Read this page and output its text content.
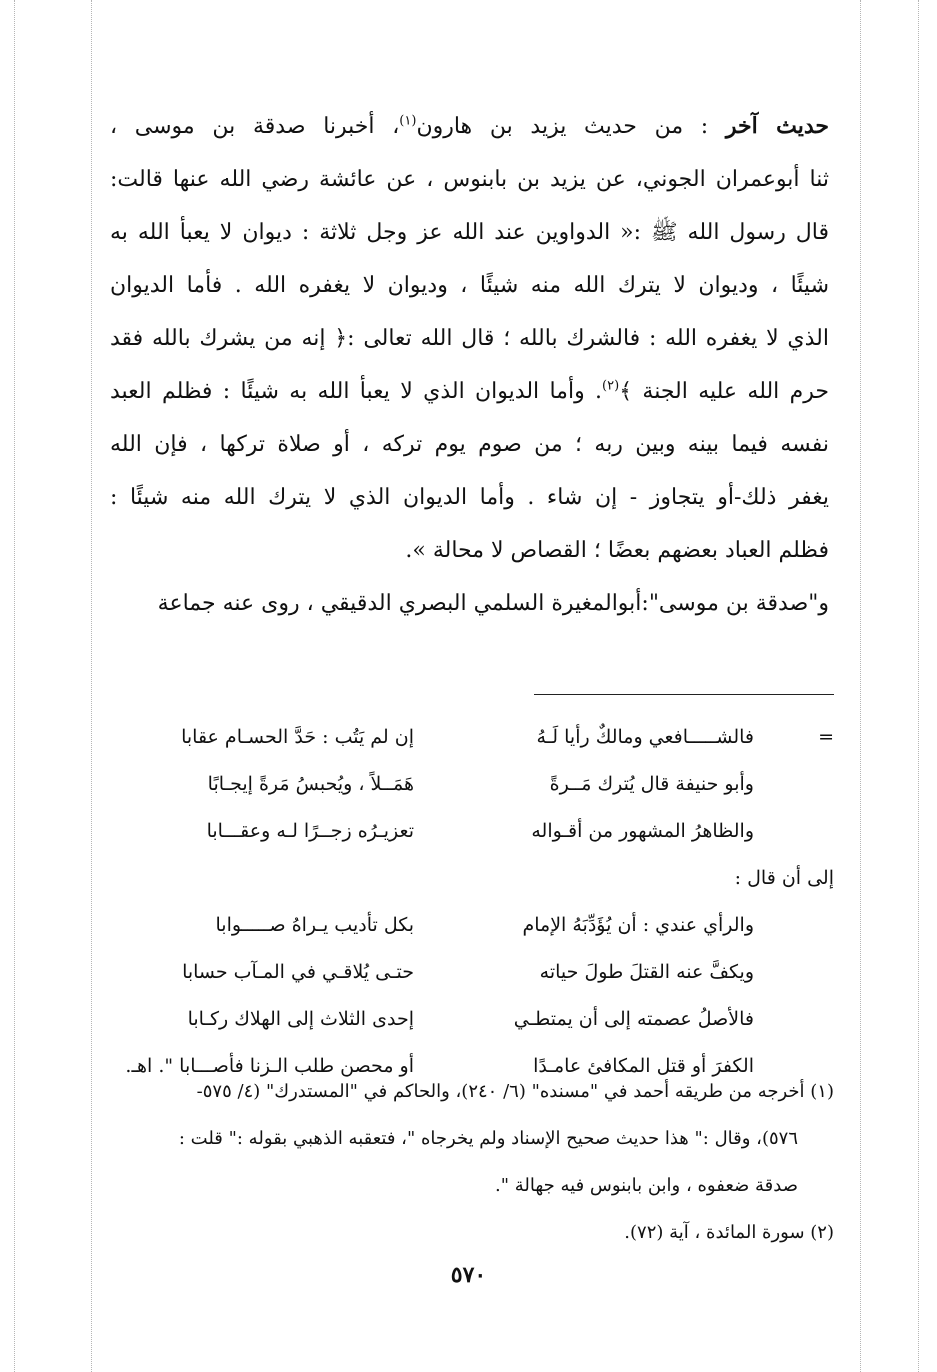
حديث آخر : من حديث يزيد بن هارون$^{(١)}$، أخبرنا صدقة بن موسى ،
ثنا أبوعمران الجوني، عن يزيد بن بابنوس ، عن عائشة رضي الله عنها قالت:
قال رسول الله ﷺ :« الدواوين عند الله عز وجل ثلاثة : ديوان لا يعبأ الله به
شيئًا ، وديوان لا يترك الله منه شيئًا ، وديوان لا يغفره الله . فأما الديوان
الذي لا يغفره الله : فالشرك بالله ؛ قال الله تعالى :﴿ إنه من يشرك بالله فقد
حرم الله عليه الجنة ﴾$^{(٢)}$. وأما الديوان الذي لا يعبأ الله به شيئًا : فظلم العبد
نفسه فيما بينه وبين ربه ؛ من صوم يوم تركه ، أو صلاة تركها ، فإن الله
يغفر ذلك-أو يتجاوز - إن شاء . وأما الديوان الذي لا يترك الله منه شيئًا :
فظلم العباد بعضهم بعضًا ؛ القصاص لا محالة ».
و"صدقة بن موسى":أبوالمغيرة السلمي البصري الدقيقي ، روى عنه جماعة
=
فالشـــــافعي ومالكٌ رأيا لَـهُ
إن لم يَتُب : حَدَّ الحسـام عقابا
وأبو حنيفة قال يُترك مَــرةً
هَمَــلاً ، ويُحبسُ مَرةً إيجـابًا
والظاهرُ المشهور من أقـواله
تعزيـرُه زجــرًا لـه وعقـــابا
إلى أن قال :
والرأي عندي : أن يُؤَدِّبَهُ الإمام
بكل تأديب يـراهُ صـــــوابا
ويكفَّ عنه القتلَ طولَ حياته
حتـى يُلاقـي في المـآب حسابا
فالأصلُ عصمته إلى أن يمتطـي
إحدى الثلاث إلى الهلاك ركـابا
الكفرَ أو قتل المكافئ عامـدًا
أو محصن طلب الـزنا فأصـــابا ". اهـ.
(١) أخرجه من طريقه أحمد في "مسنده" (٦/ ٢٤٠)، والحاكم في "المستدرك" (٤/ ٥٧٥-
٥٧٦)، وقال :" هذا حديث صحيح الإسناد ولم يخرجاه "، فتعقبه الذهبي بقوله :" قلت :
صدقة ضعفوه ، وابن بابنوس فيه جهالة ".
(٢) سورة المائدة ، آية (٧٢).
٥٧٠
